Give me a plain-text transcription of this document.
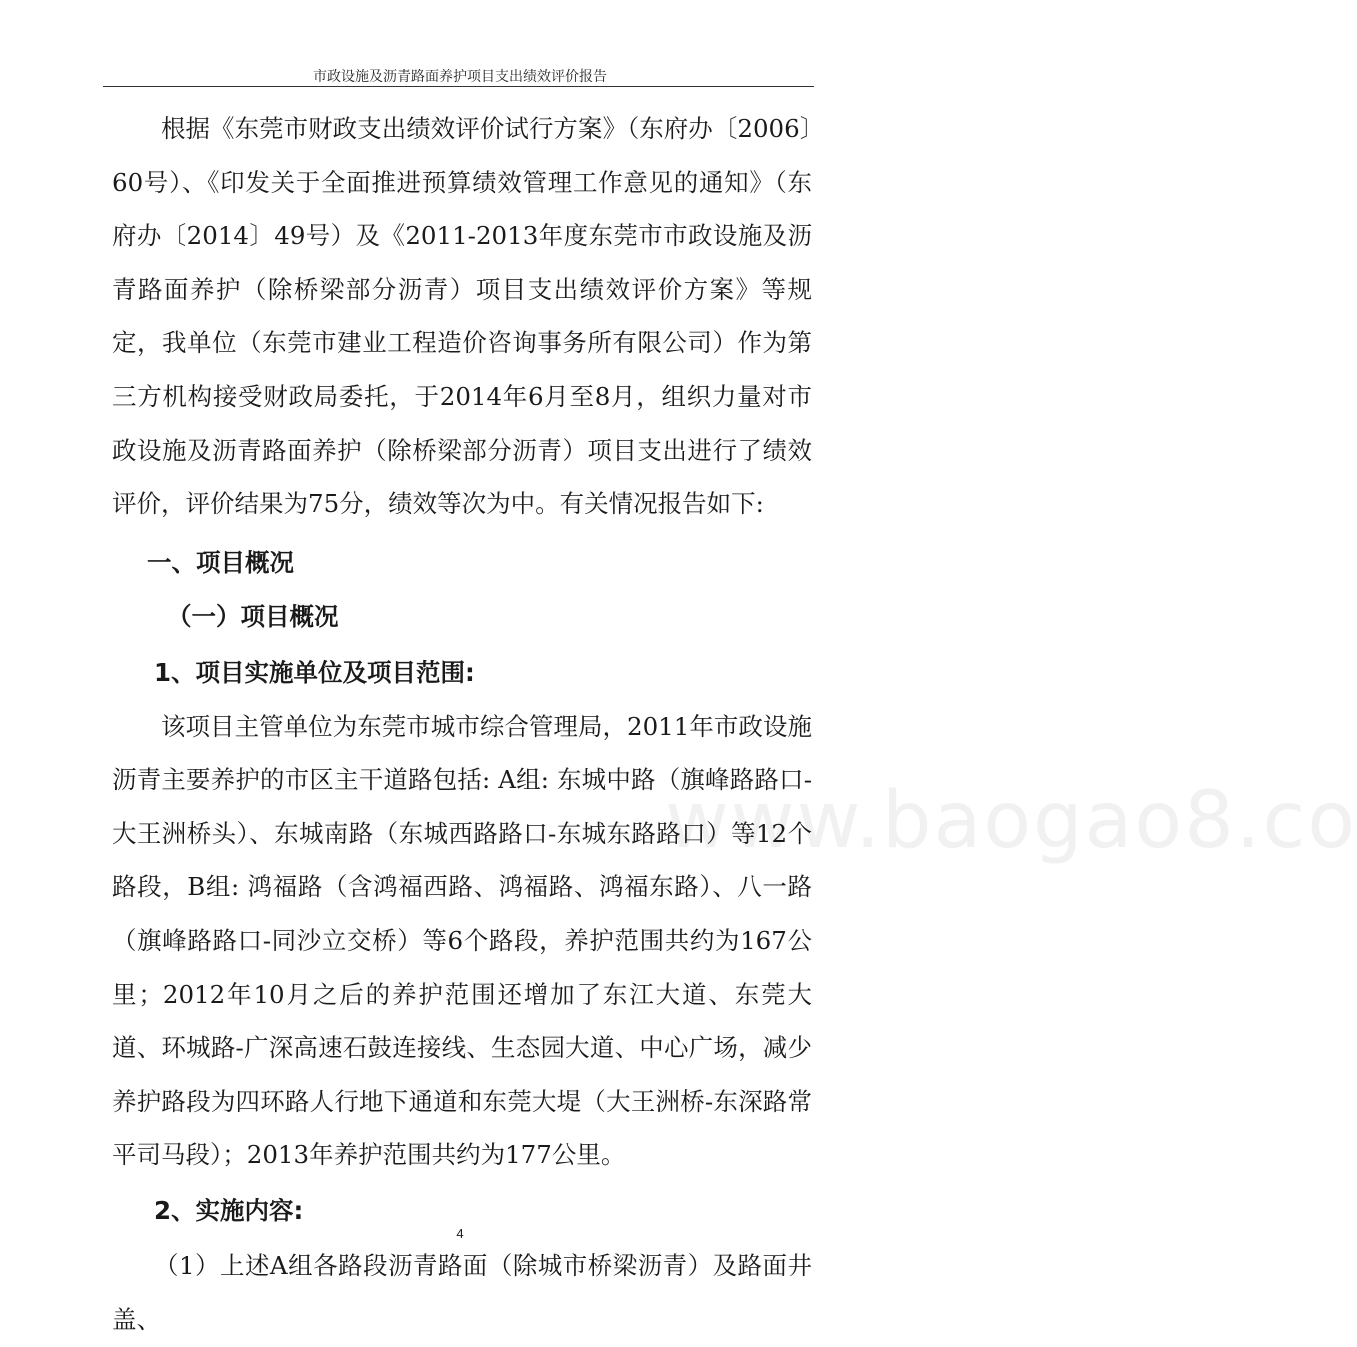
市政设施及沥青路面养护项目支出绩效评价报告
www.baogao8.co

根据《东莞市财政支出绩效评价试行方案》（东府办〔2006〕60号）、《印发关于全面推进预算绩效管理工作意见的通知》（东府办〔2014〕49号）及《2011-2013年度东莞市市政设施及沥青路面养护（除桥梁部分沥青）项目支出绩效评价方案》等规定，我单位（东莞市建业工程造价咨询事务所有限公司）作为第三方机构接受财政局委托，于2014年6月至8月，组织力量对市政设施及沥青路面养护（除桥梁部分沥青）项目支出进行了绩效评价，评价结果为75分，绩效等次为中。有关情况报告如下:

一、项目概况

（一）项目概况

1、项目实施单位及项目范围:

该项目主管单位为东莞市城市综合管理局，2011年市政设施沥青主要养护的市区主干道路包括: A组: 东城中路（旗峰路路口-大王洲桥头）、东城南路（东城西路路口-东城东路路口）等12个路段，B组: 鸿福路（含鸿福西路、鸿福路、鸿福东路）、八一路（旗峰路路口-同沙立交桥）等6个路段，养护范围共约为167公里；2012年10月之后的养护范围还增加了东江大道、东莞大道、环城路-广深高速石鼓连接线、生态园大道、中心广场，减少养护路段为四环路人行地下通道和东莞大堤（大王洲桥-东深路常平司马段）；2013年养护范围共约为177公里。

2、实施内容:

（1）上述A组各路段沥青路面（除城市桥梁沥青）及路面井盖、

4
